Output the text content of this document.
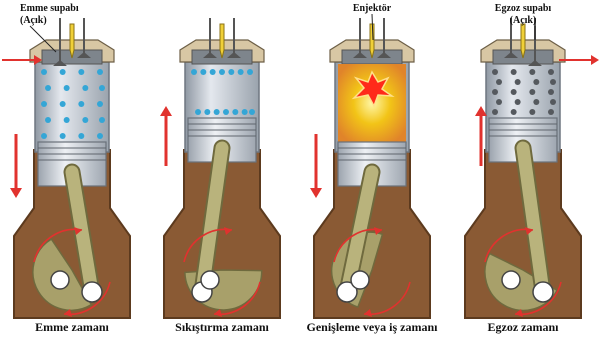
Emme zamanı
Emme supabı (Açık)
Sıkıştırma zamanı	Genişleme veya iş zamanı
Enjektör
Egzoz zamanı
Egzoz supabı (Açık)
